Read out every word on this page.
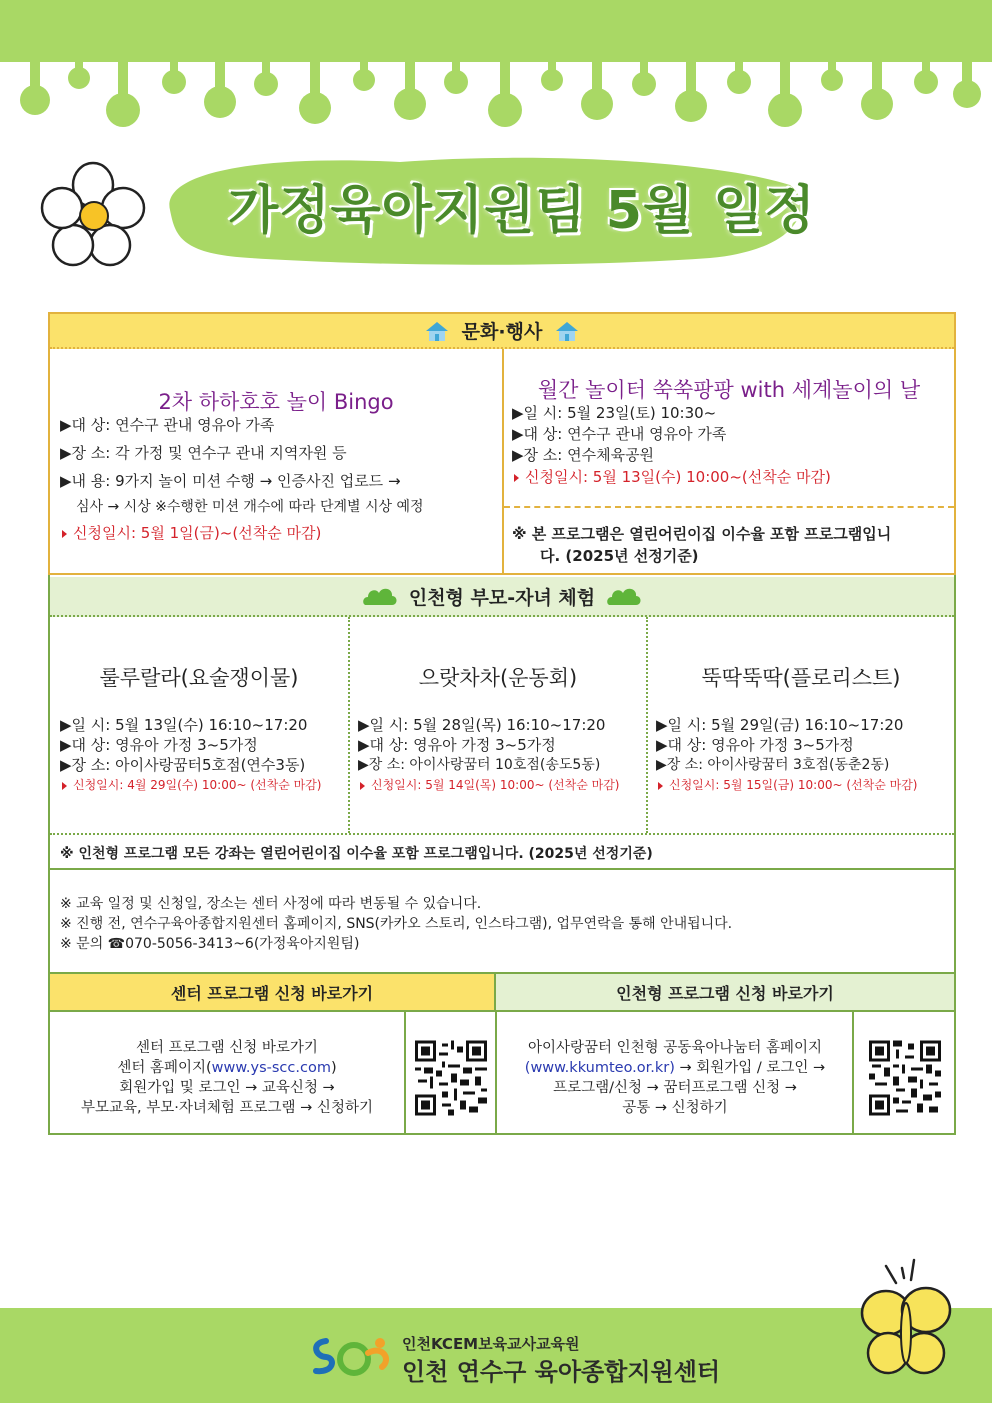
가정육아지원팀 5월 일정
문화·행사
2차 하하호호 놀이 Bingo
▶대 상: 연수구 관내 영유아 가족
▶장 소: 각 가정 및 연수구 관내 지역자원 등
▶내 용: 9가지 놀이 미션 수행 → 인증사진 업로드 →
심사 → 시상 ※수행한 미션 개수에 따라 단계별 시상 예정
신청일시: 5월 1일(금)~(선착순 마감)
월간 놀이터 쑥쑥팡팡 with 세계놀이의 날
▶일 시: 5월 23일(토) 10:30~
▶대 상: 연수구 관내 영유아 가족
▶장 소: 연수체육공원
신청일시: 5월 13일(수) 10:00~(선착순 마감)
※ 본 프로그램은 열린어린이집 이수율 포함 프로그램입니
다. (2025년 선정기준)
인천형 부모-자녀 체험
룰루랄라(요술쟁이물)
▶일 시: 5월 13일(수) 16:10~17:20
▶대 상: 영유아 가정 3~5가정
▶장 소: 아이사랑꿈터5호점(연수3동)
신청일시: 4월 29일(수) 10:00~ (선착순 마감)
으랏차차(운동회)
▶일 시: 5월 28일(목) 16:10~17:20
▶대 상: 영유아 가정 3~5가정
▶장 소: 아이사랑꿈터 10호점(송도5동)
신청일시: 5월 14일(목) 10:00~ (선착순 마감)
뚝딱뚝딱(플로리스트)
▶일 시: 5월 29일(금) 16:10~17:20
▶대 상: 영유아 가정 3~5가정
▶장 소: 아이사랑꿈터 3호점(동춘2동)
신청일시: 5월 15일(금) 10:00~ (선착순 마감)
※ 인천형 프로그램 모든 강좌는 열린어린이집 이수율 포함 프로그램입니다. (2025년 선정기준)
※ 교육 일정 및 신청일, 장소는 센터 사정에 따라 변동될 수 있습니다.
※ 진행 전, 연수구육아종합지원센터 홈페이지, SNS(카카오 스토리, 인스타그램), 업무연락을 통해 안내됩니다.
※ 문의 ☎070-5056-3413~6(가정육아지원팀)
센터 프로그램 신청 바로가기	인천형 프로그램 신청 바로가기
센터 프로그램 신청 바로가기
센터 홈페이지(www.ys-scc.com)
회원가입 및 로그인 → 교육신청 →
부모교육, 부모·자녀체험 프로그램 → 신청하기
아이사랑꿈터 인천형 공동육아나눔터 홈페이지
(www.kkumteo.or.kr) → 회원가입 / 로그인 →
프로그램/신청 → 꿈터프로그램 신청 →
공통 → 신청하기
인천KCEM보육교사교육원
인천 연수구 육아종합지원센터
